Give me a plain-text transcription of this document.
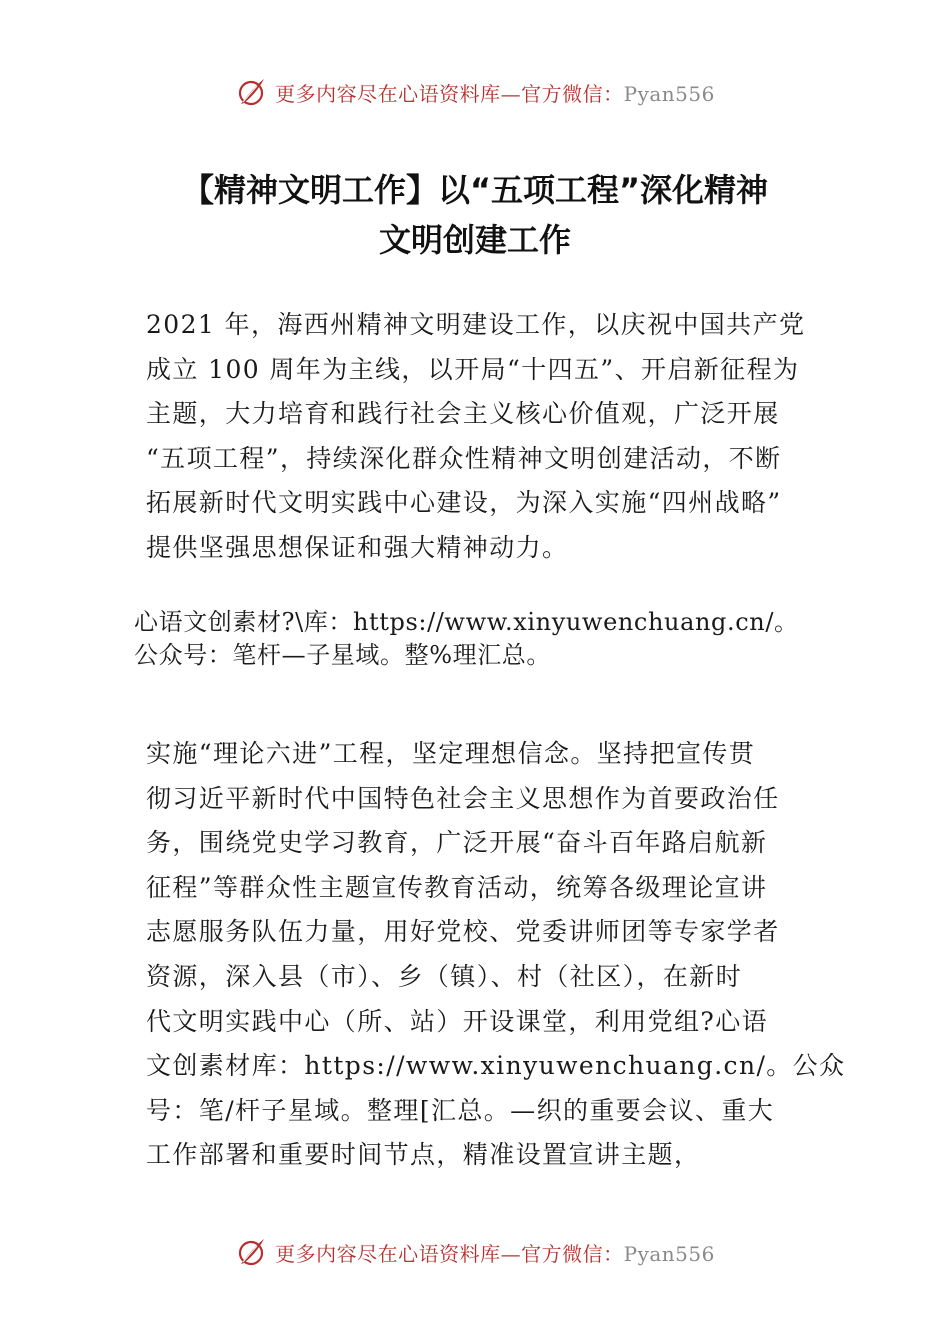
更多内容尽在心语资料库—官方微信：Pyan556
【精神文明工作】以“五项工程”深化精神
文明创建工作
2021 年，海西州精神文明建设工作，以庆祝中国共产党
成立 100 周年为主线，以开局“十四五”、开启新征程为
主题，大力培育和践行社会主义核心价值观，广泛开展
“五项工程”，持续深化群众性精神文明创建活动，不断
拓展新时代文明实践中心建设，为深入实施“四州战略”
提供坚强思想保证和强大精神动力。
心语文创素材?\库：https://www.xinyuwenchuang.cn/。
公众号：笔杆—子星域。整%理汇总。
实施“理论六进”工程，坚定理想信念。坚持把宣传贯
彻习近平新时代中国特色社会主义思想作为首要政治任
务，围绕党史学习教育，广泛开展“奋斗百年路启航新
征程”等群众性主题宣传教育活动，统筹各级理论宣讲
志愿服务队伍力量，用好党校、党委讲师团等专家学者
资源，深入县（市）、乡（镇）、村（社区），在新时
代文明实践中心（所、站）开设课堂，利用党组?心语
文创素材库：https://www.xinyuwenchuang.cn/。公众
号：笔/杆子星域。整理[汇总。—织的重要会议、重大
工作部署和重要时间节点，精准设置宣讲主题，
更多内容尽在心语资料库—官方微信：Pyan556
